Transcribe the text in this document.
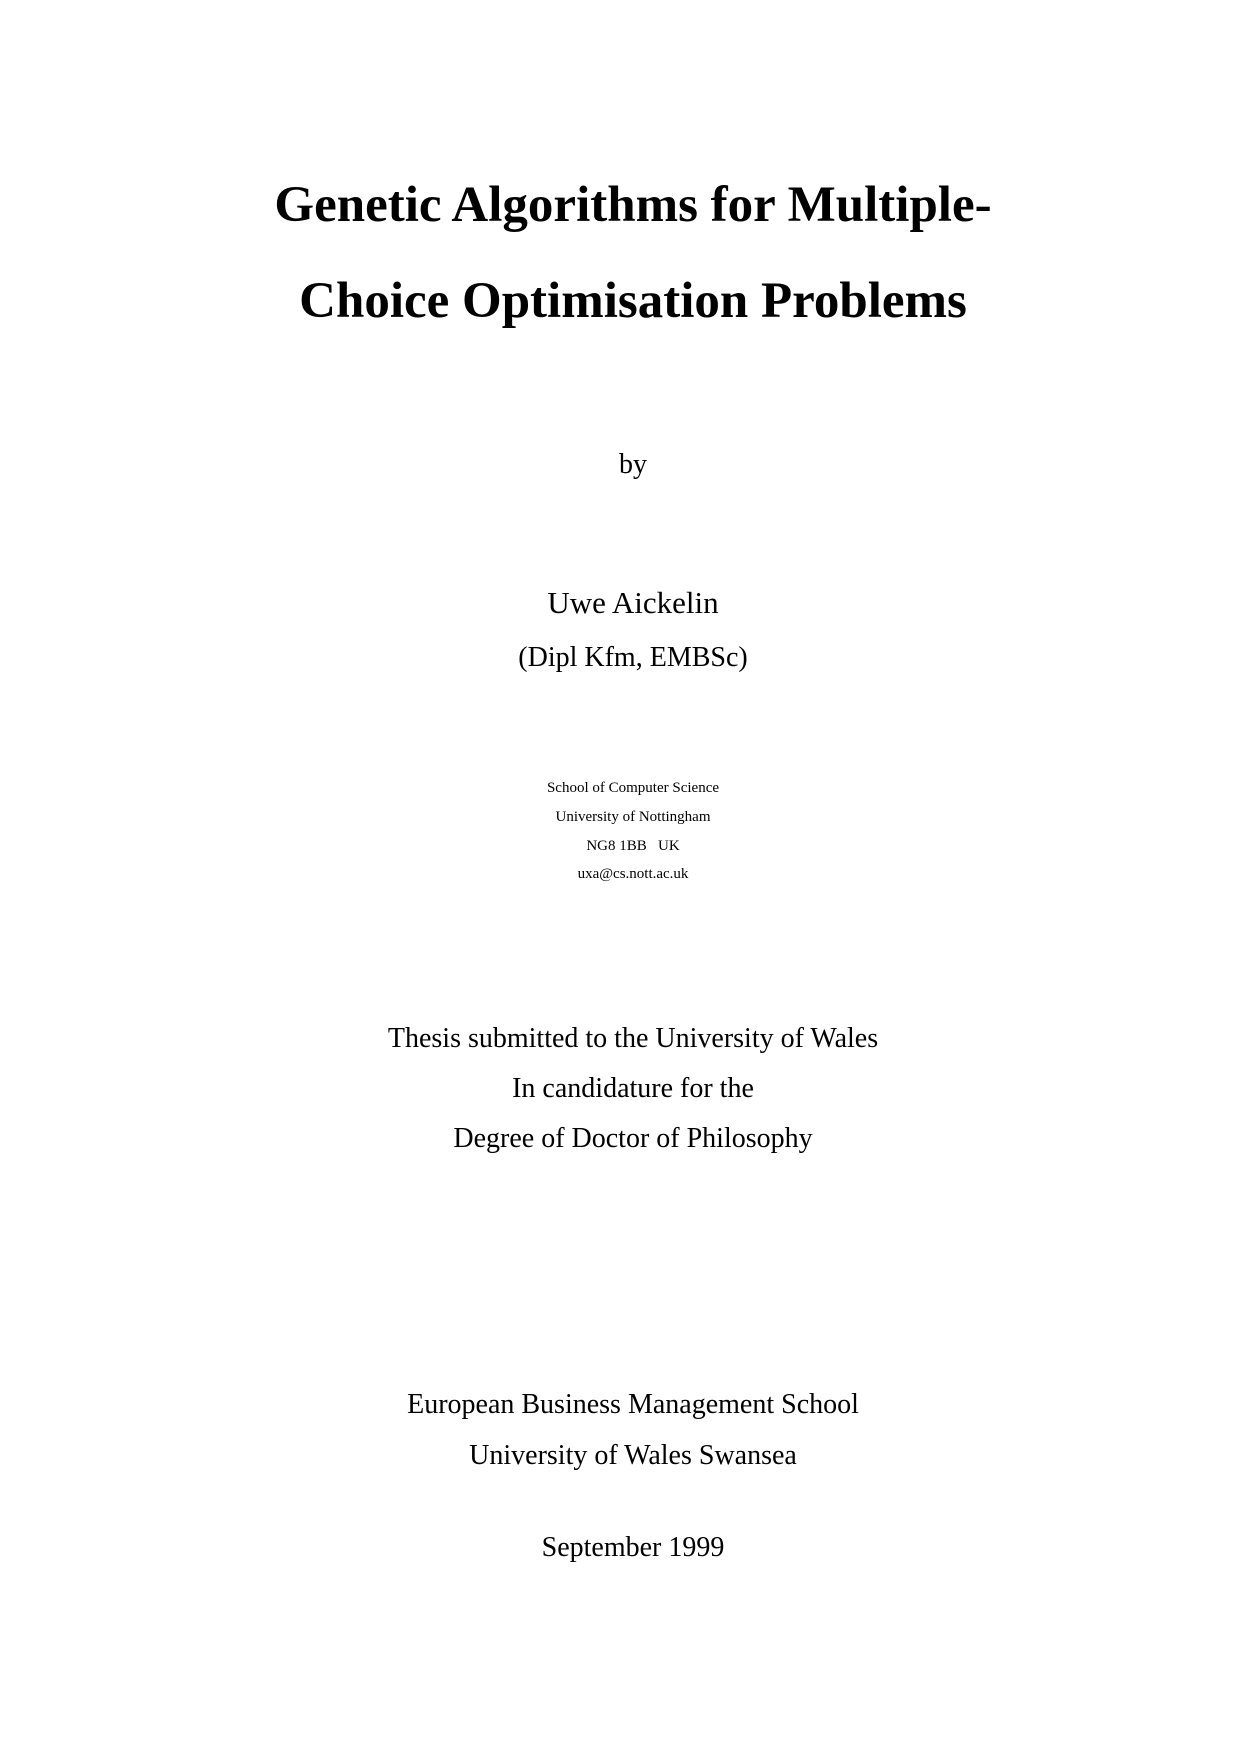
Genetic Algorithms for Multiple-
Choice Optimisation Problems
by
Uwe Aickelin
(Dipl Kfm, EMBSc)
School of Computer Science
University of Nottingham
NG8 1BB   UK
uxa@cs.nott.ac.uk
Thesis submitted to the University of Wales
In candidature for the
Degree of Doctor of Philosophy
European Business Management School
University of Wales Swansea
September 1999
